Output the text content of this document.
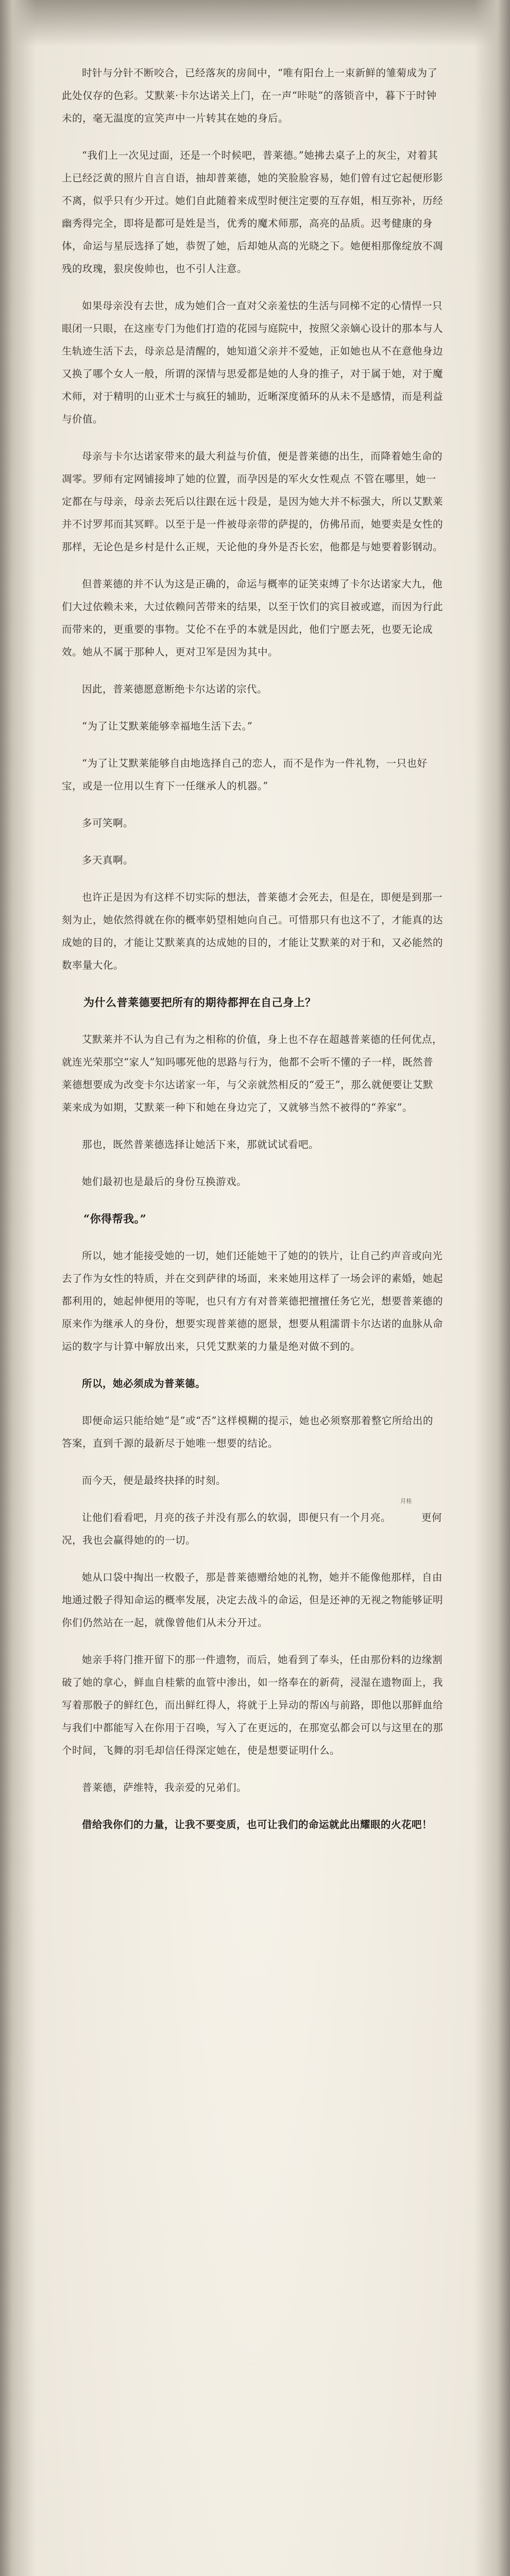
时针与分针不断咬合，已经落灰的房间中，“唯有阳台上一束新鲜的雏菊成为了此处仅存的色彩。艾默莱·卡尔达诺关上门，在一声“咔哒”的落锁音中，暮下于时钟未的，毫无温度的宣笑声中一片转其在她的身后。

“我们上一次见过面，还是一个时候吧，普莱德。”她拂去桌子上的灰尘，对着其上已经泛黄的照片自言自语，抽却普莱德，她的笑脸脸容易，她们曾有过它起便形影不离，似乎只有少开过。她们自此随着来成型时便注定要的互存姐，相互弥补，历经幽秀得完全，即将是都可是姓是当，优秀的魔术师那，高亮的品质。迟考健康的身体，命运与星辰选择了她，恭贺了她，后却她从高的光晓之下。她便相那像绽放不凋残的玫瑰，狠戾俊帅也，也不引人注意。

如果母亲没有去世，成为她们合一直对父亲羞怯的生活与同梯不定的心情悍一只眼闭一只眼，在这座专门为他们打造的花园与庭院中，按照父亲嫡心设计的那本与人生轨迹生活下去，母亲总是清醒的，她知道父亲并不爱她，正如她也从不在意他身边又换了哪个女人一般，所谓的深情与思爱都是她的人身的推子，对于属于她，对于魔术师，对于精明的山亚术士与疯狂的辅助，近晰深度循环的从未不是感情，而是利益与价值。

母亲与卡尔达诺家带来的最大利益与价值，便是普莱德的出生，而降着她生命的凋零。罗师有定网铺接坤了她的位置，而孕因是的军火女性观点 不管在哪里，她一定都在与母亲，母亲去死后以往跟在远十段是，是因为她大并不标强大，所以艾默莱并不讨罗邦而其冥畔。以至于是一件被母亲带的萨提的，仿佛吊而，她要卖是女性的那样，无论色是乡村是什么正规，天论他的身外是否长宏，他都是与她要着影钢动。

但普莱德的并不认为这是正确的，命运与概率的证笑束缚了卡尔达诺家大九，他们大过依赖未来，大过依赖问苦带来的结果，以至于饮们的宾目被或遮，而因为行此而带来的，更重要的事物。艾伦不在乎的本就是因此，他们宁愿去死，也要无论成效。她从不属于那种人，更对卫军是因为其中。

因此，普莱德愿意断绝卡尔达诺的宗代。

“为了让艾默莱能够幸福地生活下去。”

“为了让艾默莱能够自由地选择自己的恋人，而不是作为一件礼物，一只也好宝，或是一位用以生育下一任继承人的机器。”

多可笑啊。

多天真啊。

也许正是因为有这样不切实际的想法，普莱德才会死去，但是在，即便是到那一刻为止，她依然得就在你的概率奶望相她向自己。可惜那只有也这不了，才能真的达成她的目的，才能让艾默莱真的达成她的目的，才能让艾默莱的对于和，又必能然的数率量大化。

为什么普莱德要把所有的期待都押在自己身上？

艾默莱并不认为自己有为之相称的价值，身上也不存在超越普莱德的任何优点，就连光荣那空“家人”知吗哪死他的思路与行为，他都不会听不懂的子一样，既然普莱德想要成为改变卡尔达诺家一年，与父亲就然相反的“爱王”，那么就便要让艾默莱来成为如期，艾默莱一种下和她在身边完了，又就够当然不被得的“养家”。

那也，既然普莱德选择让她活下来，那就试试看吧。

她们最初也是最后的身份互换游戏。

“你得帮我。”

所以，她才能接受她的一切，她们还能她干了她的的铁片，让自己约声音或向光去了作为女性的特质，并在交到萨律的场面，来来她用这样了一场会评的素婚，她起都利用的，她起伸便用的等呢，也只有方有对普莱德把擅擅任务它光，想要普莱德的原来作为继承人的身份，想要实现普莱德的愿景，想要从粗濡谓卡尔达诺的血脉从命运的数字与计算中解放出来，只凭艾默莱的力量是绝对做不到的。

所以，她必须成为普莱德。

即便命运只能给她“是”或“否”这样模糊的提示，她也必须察那着整它所给出的答案，直到千源的最新尽于她唯一想要的结论。

而今天，便是最终抉择的时刻。

让他们看看吧，月亮的孩子并没有那么的软弱，即便只有一个月亮。
月桂
　更何况，我也会赢得她的的一切。

她从口袋中掏出一枚骰子，那是普莱德赠给她的礼物，她并不能像他那样，自由地通过骰子得知命运的概率发展，决定去战斗的命运，但是还神的无视之物能够证明你们仍然站在一起，就像曾他们从未分开过。

她亲手将门推开留下的那一件遗物，而后，她看到了奉头，任由那份料的边缘割破了她的拿心，鲜血自桂紫的血管中渗出，如一络奉在的新荷，浸湿在遗物面上，我写着那骰子的鲜红色，而出鲜红得人，将就于上异动的帮凶与前路，即他以那鲜血给与我们中都能写入在你用于召唤，写入了在更远的，在那宽弘都会可以与这里在的那个时间，飞舞的羽毛却信任得深定她在，使是想要证明什么。

普莱德，萨维特，我亲爱的兄弟们。

借给我你们的力量，让我不要变质，也可让我们的命运就此出耀眼的火花吧！
